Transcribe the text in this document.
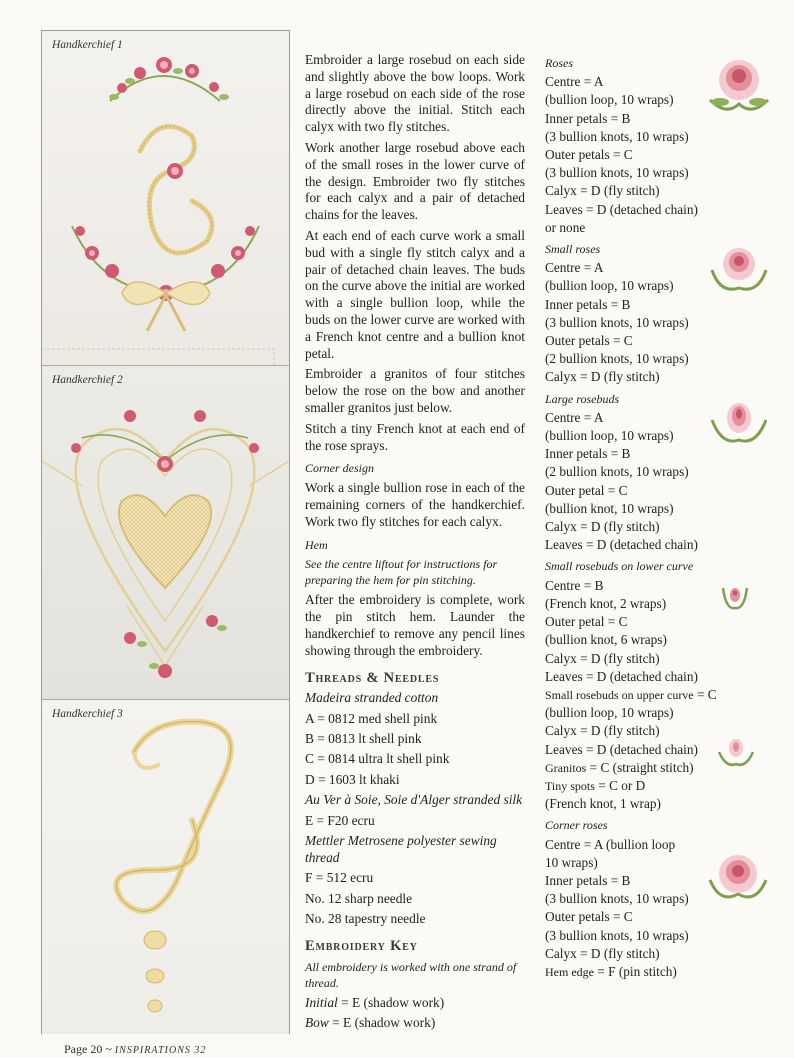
Handkerchief 1
Handkerchief 2
Handkerchief 3

Embroider a large rosebud on each side and slightly above the bow loops. Work a large rosebud on each side of the rose directly above the initial. Stitch each calyx with two fly stitches.

Work another large rosebud above each of the small roses in the lower curve of the design. Embroider two fly stitches for each calyx and a pair of detached chains for the leaves.

At each end of each curve work a small bud with a single fly stitch calyx and a pair of detached chain leaves. The buds on the curve above the initial are worked with a single bullion loop, while the buds on the lower curve are worked with a French knot centre and a bullion knot petal.

Embroider a granitos of four stitches below the rose on the bow and another smaller granitos just below.

Stitch a tiny French knot at each end of the rose sprays.

Corner design

Work a single bullion rose in each of the remaining corners of the handkerchief. Work two fly stitches for each calyx.

Hem
See the centre liftout for instructions for preparing the hem for pin stitching.

After the embroidery is complete, work the pin stitch hem. Launder the handkerchief to remove any pencil lines showing through the embroidery.

Threads & Needles
Madeira stranded cotton
A = 0812 med shell pink
B = 0813 lt shell pink
C = 0814 ultra lt shell pink
D = 1603 lt khaki
Au Ver à Soie, Soie d'Alger stranded silk
E = F20 ecru
Mettler Metrosene polyester sewing thread
F = 512 ecru
No. 12 sharp needle
No. 28 tapestry needle
Embroidery Key
All embroidery is worked with one strand of thread.
Initial = E (shadow work)
Bow = E (shadow work)
Roses
Centre = A
(bullion loop, 10 wraps)
Inner petals = B
(3 bullion knots, 10 wraps)
Outer petals = C
(3 bullion knots, 10 wraps)
Calyx = D (fly stitch)
Leaves = D (detached chain)
or none
Small roses
Centre = A
(bullion loop, 10 wraps)
Inner petals = B
(3 bullion knots, 10 wraps)
Outer petals = C
(2 bullion knots, 10 wraps)
Calyx = D (fly stitch)
Large rosebuds
Centre = A
(bullion loop, 10 wraps)
Inner petals = B
(2 bullion knots, 10 wraps)
Outer petal = C
(bullion knot, 10 wraps)
Calyx = D (fly stitch)
Leaves = D (detached chain)
Small rosebuds on lower curve
Centre = B
(French knot, 2 wraps)
Outer petal = C
(bullion knot, 6 wraps)
Calyx = D (fly stitch)
Leaves = D (detached chain)
Small rosebuds on upper curve = C
(bullion loop, 10 wraps)
Calyx = D (fly stitch)
Leaves = D (detached chain)
Granitos = C (straight stitch)
Tiny spots = C or D
(French knot, 1 wrap)
Corner roses
Centre = A (bullion loop
10 wraps)
Inner petals = B
(3 bullion knots, 10 wraps)
Outer petals = C
(3 bullion knots, 10 wraps)
Calyx = D (fly stitch)
Hem edge = F (pin stitch)
Page 20 ~ INSPIRATIONS 32
